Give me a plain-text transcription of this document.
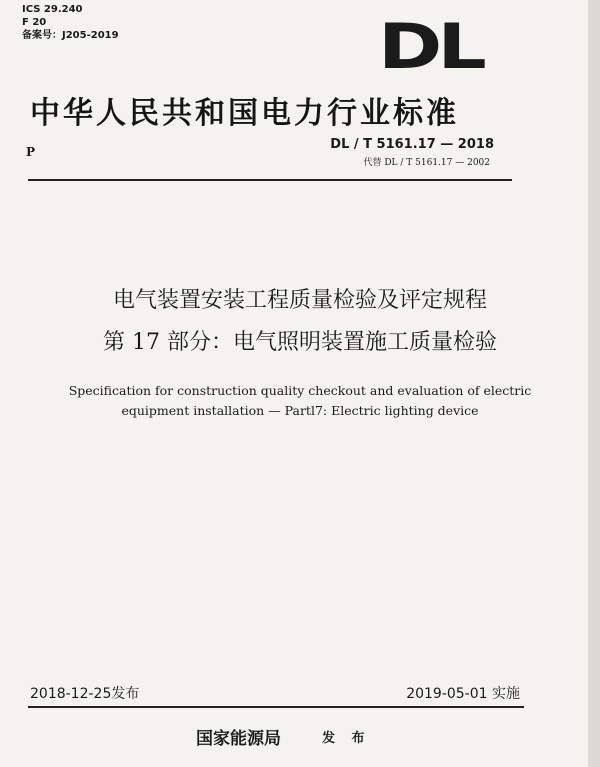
ICS 29.240
F 20
备案号：J205-2019	DL
中华人民共和国电力行业标准
P	DL / T 5161.17 — 2018
代替 DL / T 5161.17 — 2002
电气装置安装工程质量检验及评定规程
第 17 部分：电气照明装置施工质量检验
Specification for construction quality checkout and evaluation of electric
equipment installation — Partl7: Electric lighting device
2018-12-25发布	2019-05-01 实施
国家能源局	发 布
